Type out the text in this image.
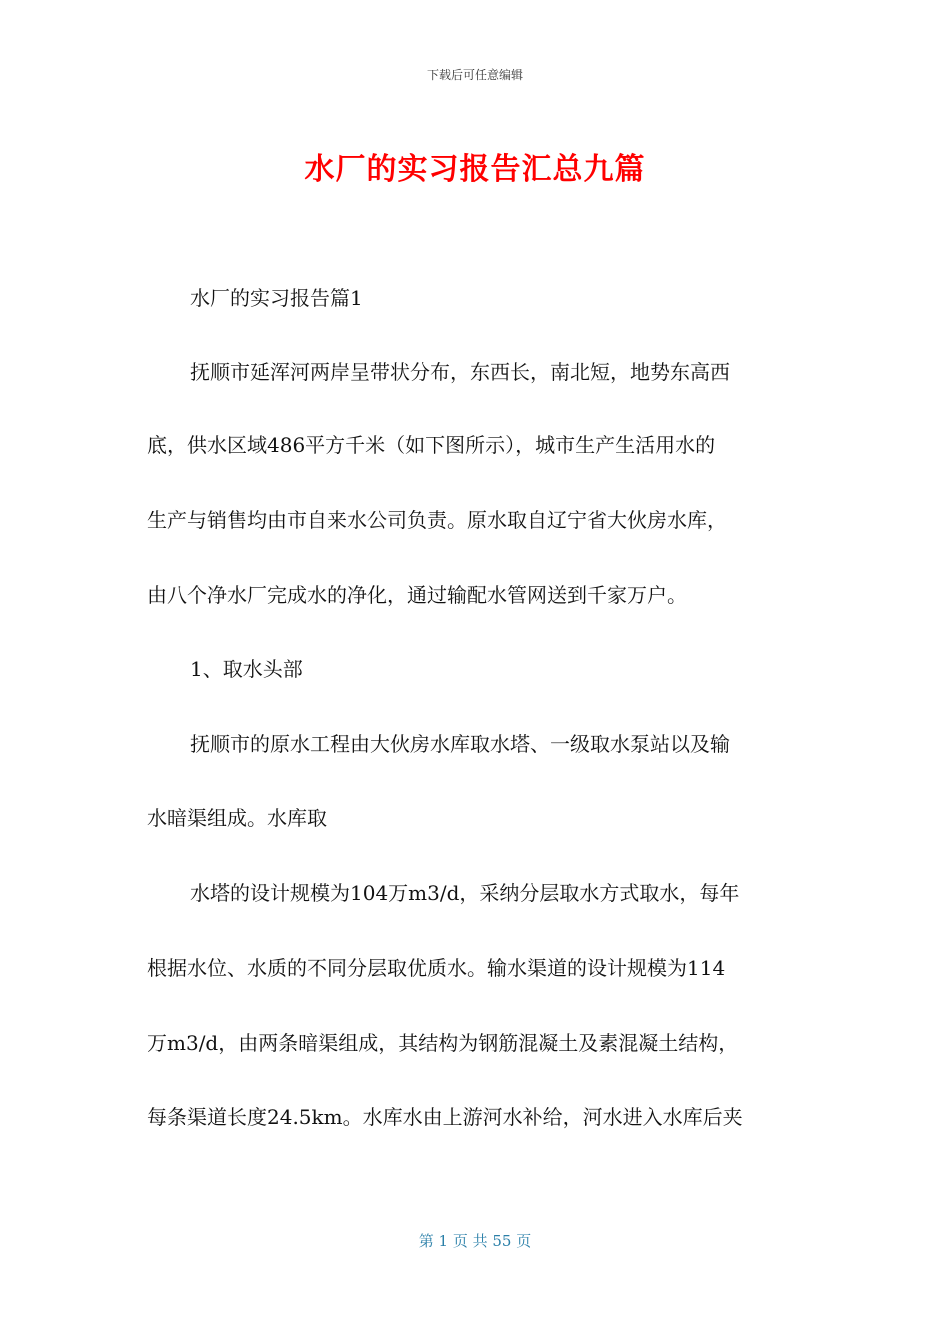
下载后可任意编辑
水厂的实习报告汇总九篇
水厂的实习报告篇1
抚顺市延浑河两岸呈带状分布，东西长，南北短，地势东高西
底，供水区域486平方千米（如下图所示），城市生产生活用水的
生产与销售均由市自来水公司负责。原水取自辽宁省大伙房水库，
由八个净水厂完成水的净化，通过输配水管网送到千家万户。
1、取水头部
抚顺市的原水工程由大伙房水库取水塔、一级取水泵站以及输
水暗渠组成。水库取
水塔的设计规模为104万m3/d，采纳分层取水方式取水，每年
根据水位、水质的不同分层取优质水。输水渠道的设计规模为114
万m3/d，由两条暗渠组成，其结构为钢筋混凝土及素混凝土结构，
每条渠道长度24.5km。水库水由上游河水补给，河水进入水库后夹
第 1 页 共 55 页
